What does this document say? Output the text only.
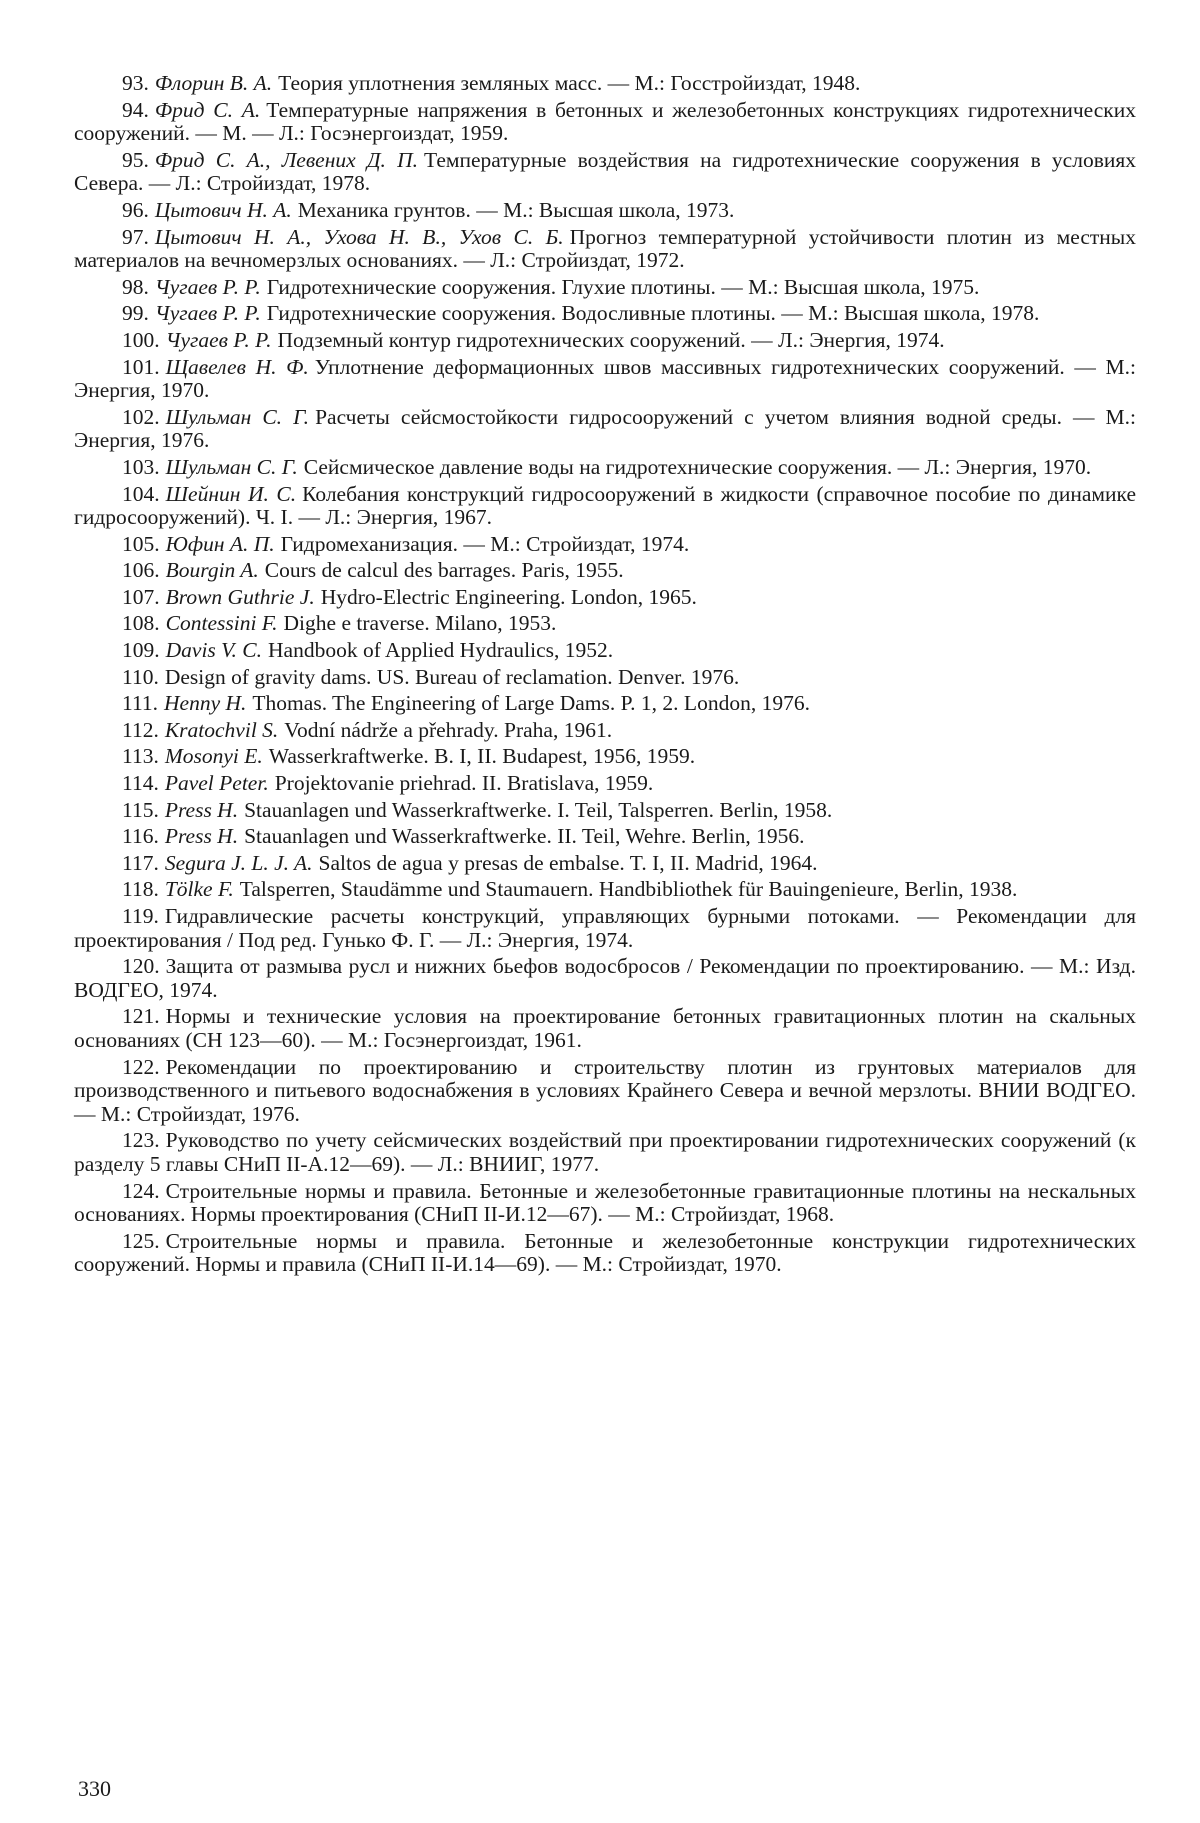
93. Флорин В. А. Теория уплотнения земляных масс. — М.: Госстройиздат, 1948.
94. Фрид С. А. Температурные напряжения в бетонных и железобетонных конструкциях гидротехнических сооружений. — М. — Л.: Госэнергоиздат, 1959.
95. Фрид С. А., Левених Д. П. Температурные воздействия на гидротехнические сооружения в условиях Севера. — Л.: Стройиздат, 1978.
96. Цытович Н. А. Механика грунтов. — М.: Высшая школа, 1973.
97. Цытович Н. А., Ухова Н. В., Ухов С. Б. Прогноз температурной устойчивости плотин из местных материалов на вечномерзлых основаниях. — Л.: Стройиздат, 1972.
98. Чугаев Р. Р. Гидротехнические сооружения. Глухие плотины. — М.: Высшая школа, 1975.
99. Чугаев Р. Р. Гидротехнические сооружения. Водосливные плотины. — М.: Высшая школа, 1978.
100. Чугаев Р. Р. Подземный контур гидротехнических сооружений. — Л.: Энергия, 1974.
101. Щавелев Н. Ф. Уплотнение деформационных швов массивных гидротехнических сооружений. — М.: Энергия, 1970.
102. Шульман С. Г. Расчеты сейсмостойкости гидросооружений с учетом влияния водной среды. — М.: Энергия, 1976.
103. Шульман С. Г. Сейсмическое давление воды на гидротехнические сооружения. — Л.: Энергия, 1970.
104. Шейнин И. С. Колебания конструкций гидросооружений в жидкости (справочное пособие по динамике гидросооружений). Ч. I. — Л.: Энергия, 1967.
105. Юфин А. П. Гидромеханизация. — М.: Стройиздат, 1974.
106. Bourgin A. Cours de calcul des barrages. Paris, 1955.
107. Brown Guthrie J. Hydro-Electric Engineering. London, 1965.
108. Contessini F. Dighe e traverse. Milano, 1953.
109. Davis V. C. Handbook of Applied Hydraulics, 1952.
110. Design of gravity dams. US. Bureau of reclamation. Denver. 1976.
111. Henny H. Thomas. The Engineering of Large Dams. P. 1, 2. London, 1976.
112. Kratochvil S. Vodní nádrže a přehrady. Praha, 1961.
113. Mosonyi E. Wasserkraftwerke. B. I, II. Budapest, 1956, 1959.
114. Pavel Peter. Projektovanie priehrad. II. Bratislava, 1959.
115. Press H. Stauanlagen und Wasserkraftwerke. I. Teil, Talsperren. Berlin, 1958.
116. Press H. Stauanlagen und Wasserkraftwerke. II. Teil, Wehre. Berlin, 1956.
117. Segura J. L. J. A. Saltos de agua y presas de embalse. T. I, II. Madrid, 1964.
118. Tölke F. Talsperren, Staudämme und Staumauern. Handbibliothek für Bauingenieure, Berlin, 1938.
119. Гидравлические расчеты конструкций, управляющих бурными потоками. — Рекомендации для проектирования / Под ред. Гунько Ф. Г. — Л.: Энергия, 1974.
120. Защита от размыва русл и нижних бьефов водосбросов / Рекомендации по проектированию. — М.: Изд. ВОДГЕО, 1974.
121. Нормы и технические условия на проектирование бетонных гравитационных плотин на скальных основаниях (СН 123—60). — М.: Госэнергоиздат, 1961.
122. Рекомендации по проектированию и строительству плотин из грунтовых материалов для производственного и питьевого водоснабжения в условиях Крайнего Севера и вечной мерзлоты. ВНИИ ВОДГЕО. — М.: Стройиздат, 1976.
123. Руководство по учету сейсмических воздействий при проектировании гидротехнических сооружений (к разделу 5 главы СНиП II-А.12—69). — Л.: ВНИИГ, 1977.
124. Строительные нормы и правила. Бетонные и железобетонные гравитационные плотины на нескальных основаниях. Нормы проектирования (СНиП II-И.12—67). — М.: Стройиздат, 1968.
125. Строительные нормы и правила. Бетонные и железобетонные конструкции гидротехнических сооружений. Нормы и правила (СНиП II-И.14—69). — М.: Стройиздат, 1970.
330
